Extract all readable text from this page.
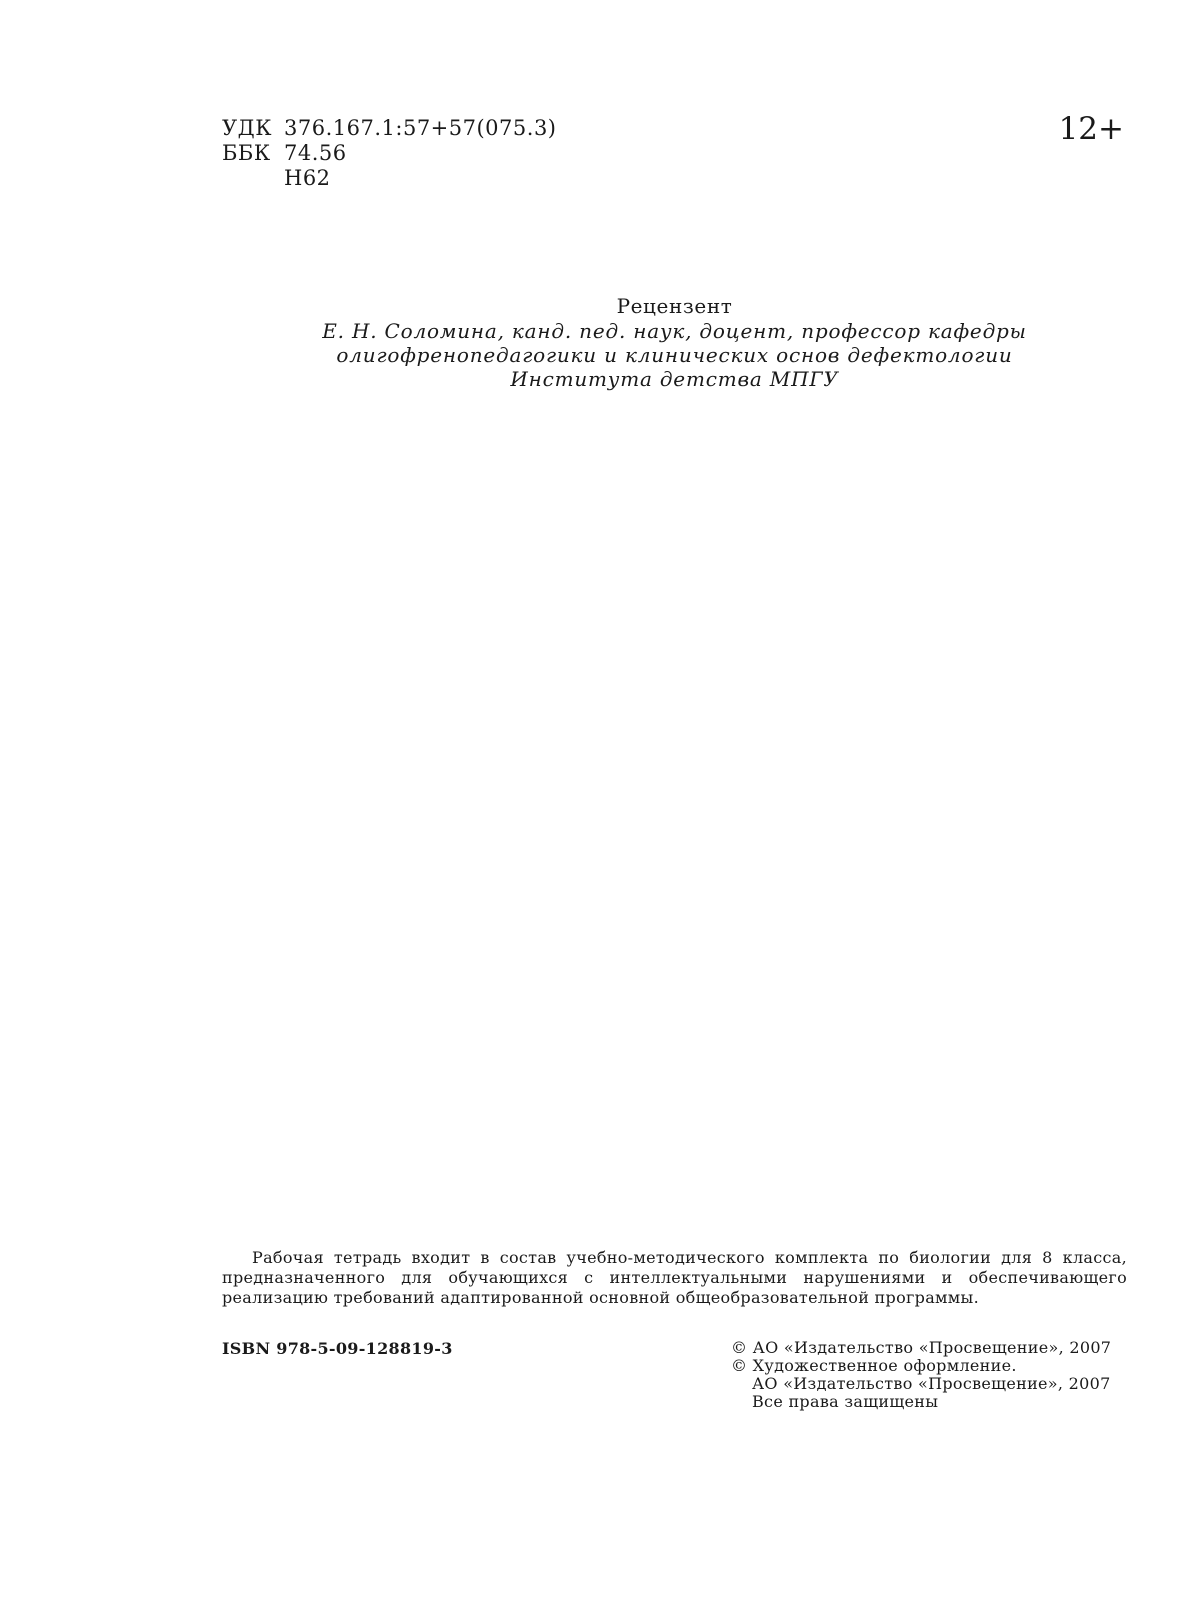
УДК 376.167.1:57+57(075.3)
ББК 74.56
Н62
12+
Рецензент
Е. Н. Соломина, канд. пед. наук, доцент, профессор кафедры
олигофренопедагогики и клинических основ дефектологии
Института детства МПГУ

Рабочая тетрадь входит в состав учебно-методического комплекта по биологии для 8 класса, предназначенного для обучающихся с интеллектуальными нарушениями и обеспечивающего реализацию требований адаптированной основной общеобразовательной программы.

ISBN 978-5-09-128819-3	© АО «Издательство «Просвещение», 2007
© Художественное оформление.
АО «Издательство «Просвещение», 2007
Все права защищены
